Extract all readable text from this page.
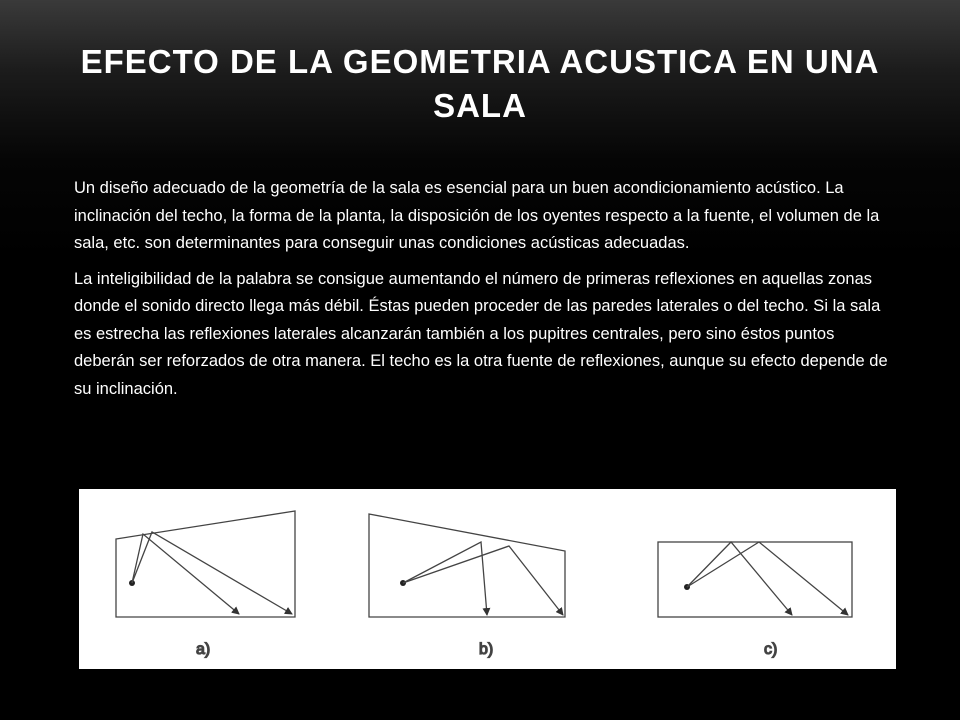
EFECTO DE LA GEOMETRIA ACUSTICA EN UNA SALA

Un diseño adecuado de la geometría de la sala es esencial para un buen acondicionamiento acústico. La inclinación del techo, la forma de la planta, la disposición de los oyentes respecto a la fuente, el volumen de la sala, etc. son determinantes para conseguir unas condiciones acústicas adecuadas.

La inteligibilidad de la palabra se consigue aumentando el número de primeras reflexiones en aquellas zonas donde el sonido directo llega más débil. Éstas pueden proceder de las paredes laterales o del techo. Si la sala es estrecha las reflexiones laterales alcanzarán también a los pupitres centrales, pero sino éstos puntos deberán ser reforzados de otra manera. El techo es la otra fuente de reflexiones, aunque su efecto depende de su inclinación.

a)	b)	c)
